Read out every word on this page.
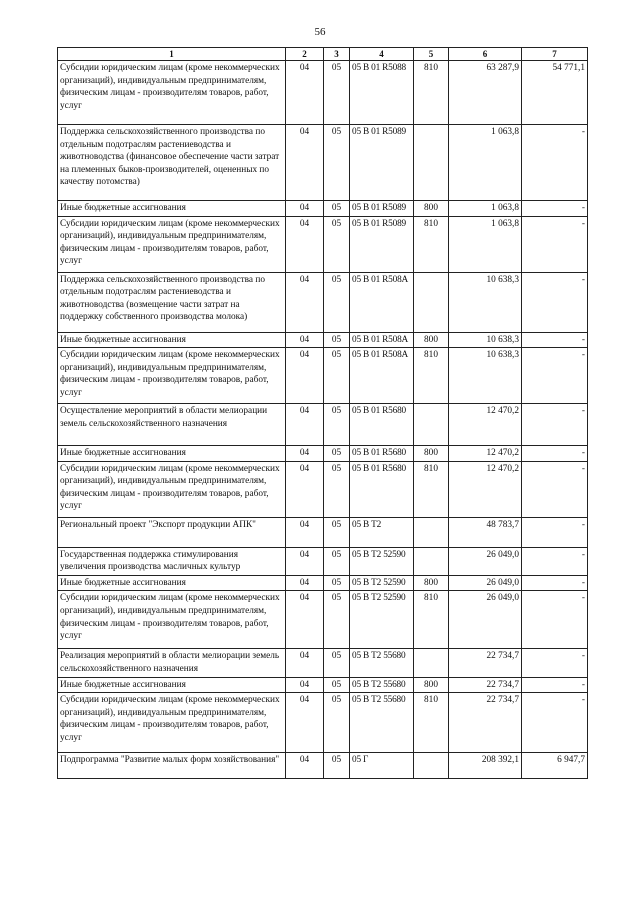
56
1	2	3	4	5	6	7
Субсидии юридическим лицам (кроме некоммерческих организаций), индивидуальным предпринимателям, физическим лицам - производителям товаров, работ, услуг	04	05	05 В 01 R5088	810	63 287,9	54 771,1
Поддержка сельскохозяйственного производства по отдельным подотраслям растениеводства и животноводства (финансовое обеспечение части затрат на племенных быков-производителей, оцененных по качеству потомства)	04	05	05 В 01 R5089		1 063,8	-
Иные бюджетные ассигнования	04	05	05 В 01 R5089	800	1 063,8	-
Субсидии юридическим лицам (кроме некоммерческих организаций), индивидуальным предпринимателям, физическим лицам - производителям товаров, работ, услуг	04	05	05 В 01 R5089	810	1 063,8	-
Поддержка сельскохозяйственного производства по отдельным подотраслям растениеводства и животноводства (возмещение части затрат на поддержку собственного производства молока)	04	05	05 В 01 R508А		10 638,3	-
Иные бюджетные ассигнования	04	05	05 В 01 R508А	800	10 638,3	-
Субсидии юридическим лицам (кроме некоммерческих организаций), индивидуальным предпринимателям, физическим лицам - производителям товаров, работ, услуг	04	05	05 В 01 R508А	810	10 638,3	-
Осуществление мероприятий в области мелиорации земель сельскохозяйственного назначения	04	05	05 В 01 R5680		12 470,2	-
Иные бюджетные ассигнования	04	05	05 В 01 R5680	800	12 470,2	-
Субсидии юридическим лицам (кроме некоммерческих организаций), индивидуальным предпринимателям, физическим лицам - производителям товаров, работ, услуг	04	05	05 В 01 R5680	810	12 470,2	-
Региональный проект "Экспорт продукции АПК"	04	05	05 В Т2		48 783,7	-
Государственная поддержка стимулирования увеличения производства масличных культур	04	05	05 В Т2 52590		26 049,0	-
Иные бюджетные ассигнования	04	05	05 В Т2 52590	800	26 049,0	-
Субсидии юридическим лицам (кроме некоммерческих организаций), индивидуальным предпринимателям, физическим лицам - производителям товаров, работ, услуг	04	05	05 В Т2 52590	810	26 049,0	-
Реализация мероприятий в области мелиорации земель сельскохозяйственного назначения	04	05	05 В Т2 55680		22 734,7	-
Иные бюджетные ассигнования	04	05	05 В Т2 55680	800	22 734,7	-
Субсидии юридическим лицам (кроме некоммерческих организаций), индивидуальным предпринимателям, физическим лицам - производителям товаров, работ, услуг	04	05	05 В Т2 55680	810	22 734,7	-
Подпрограмма "Развитие малых форм хозяйствования"	04	05	05 Г		208 392,1	6 947,7
